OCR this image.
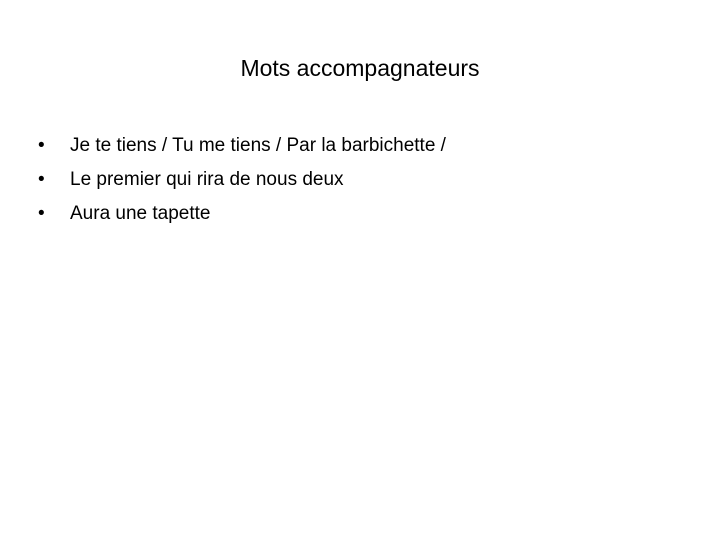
Mots accompagnateurs
•	Je te tiens / Tu me tiens / Par la barbichette /
•	Le premier qui rira de nous deux
•	Aura une tapette
